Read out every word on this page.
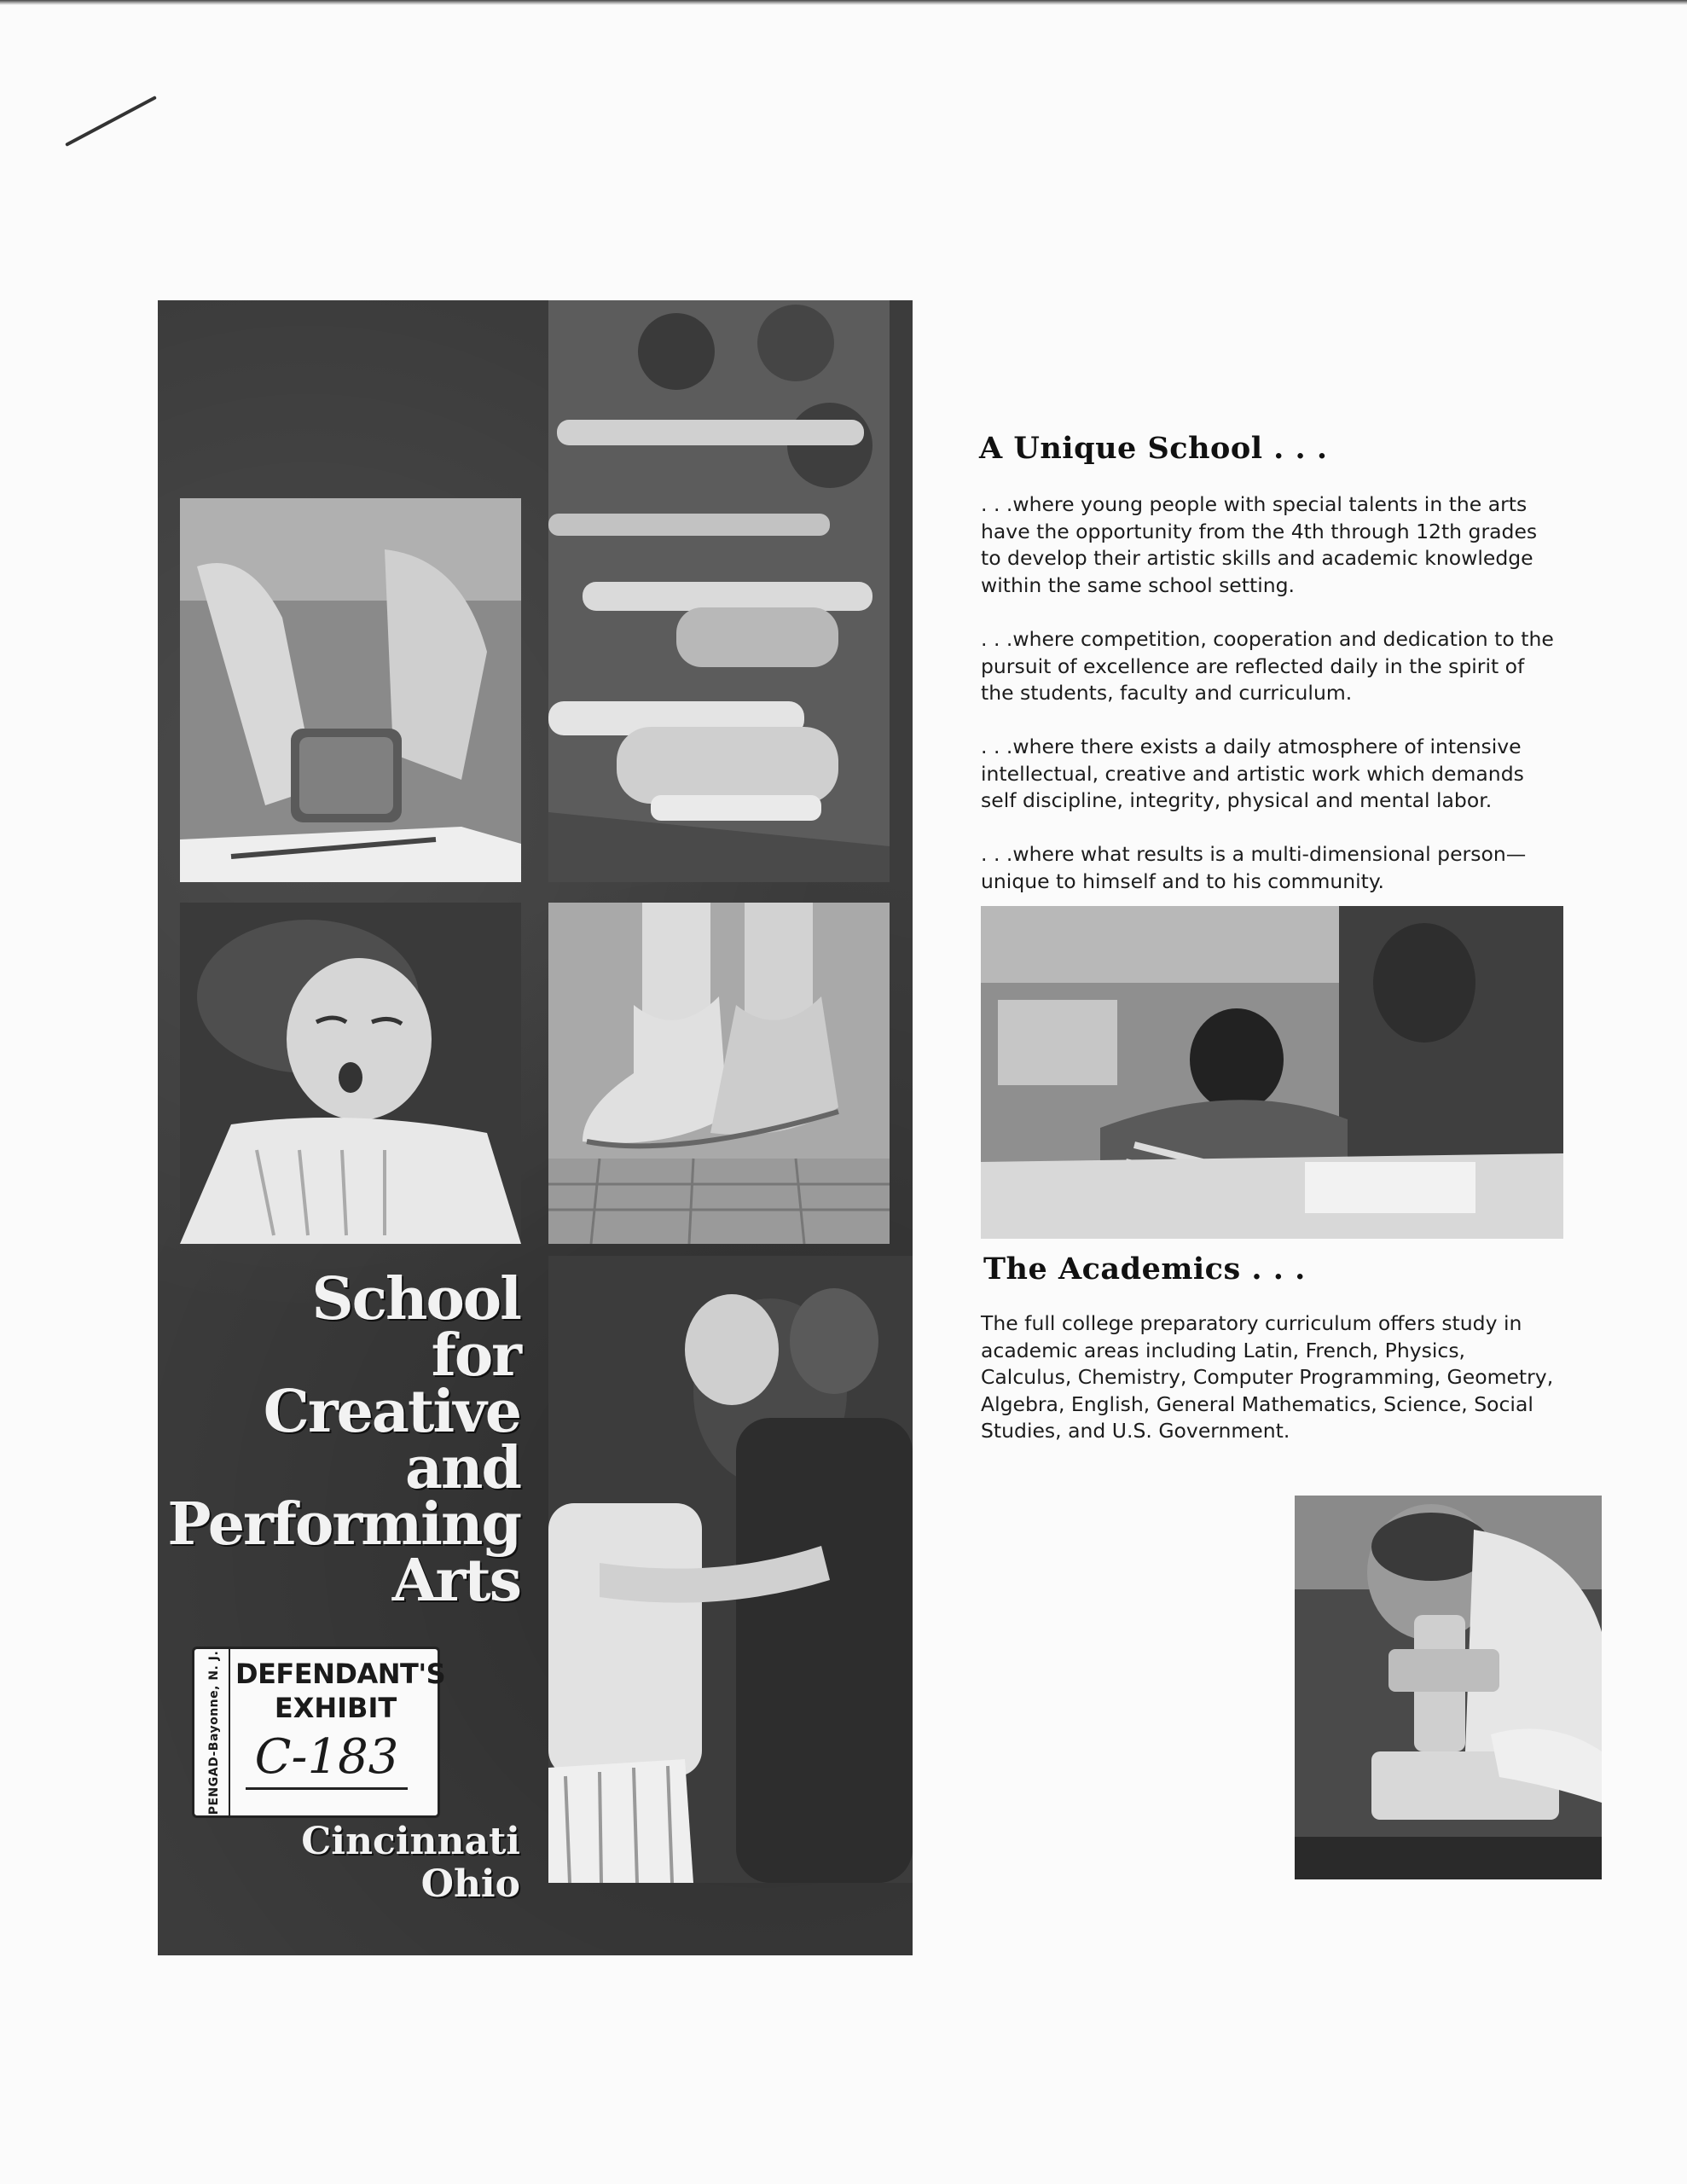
School
for
Creative
and
Performing
Arts
Cincinnati
Ohio
PENGAD-Bayonne, N. J. DEFENDANT'S
EXHIBIT
C-183
A Unique School . . .

. . .where young people with special talents in the arts have the opportunity from the 4th through 12th grades to develop their artistic skills and academic knowledge within the same school setting.

. . .where competition, cooperation and dedication to the pursuit of excellence are reflected daily in the spirit of the students, faculty and curriculum.

. . .where there exists a daily atmosphere of intensive intellectual, creative and artistic work which demands self discipline, integrity, physical and mental labor.

. . .where what results is a multi-dimensional person—unique to himself and to his community.

The Academics . . .

The full college preparatory curriculum offers study in academic areas including Latin, French, Physics, Calculus, Chemistry, Computer Programming, Geometry, Algebra, English, General Mathematics, Science, Social Studies, and U.S. Government.
